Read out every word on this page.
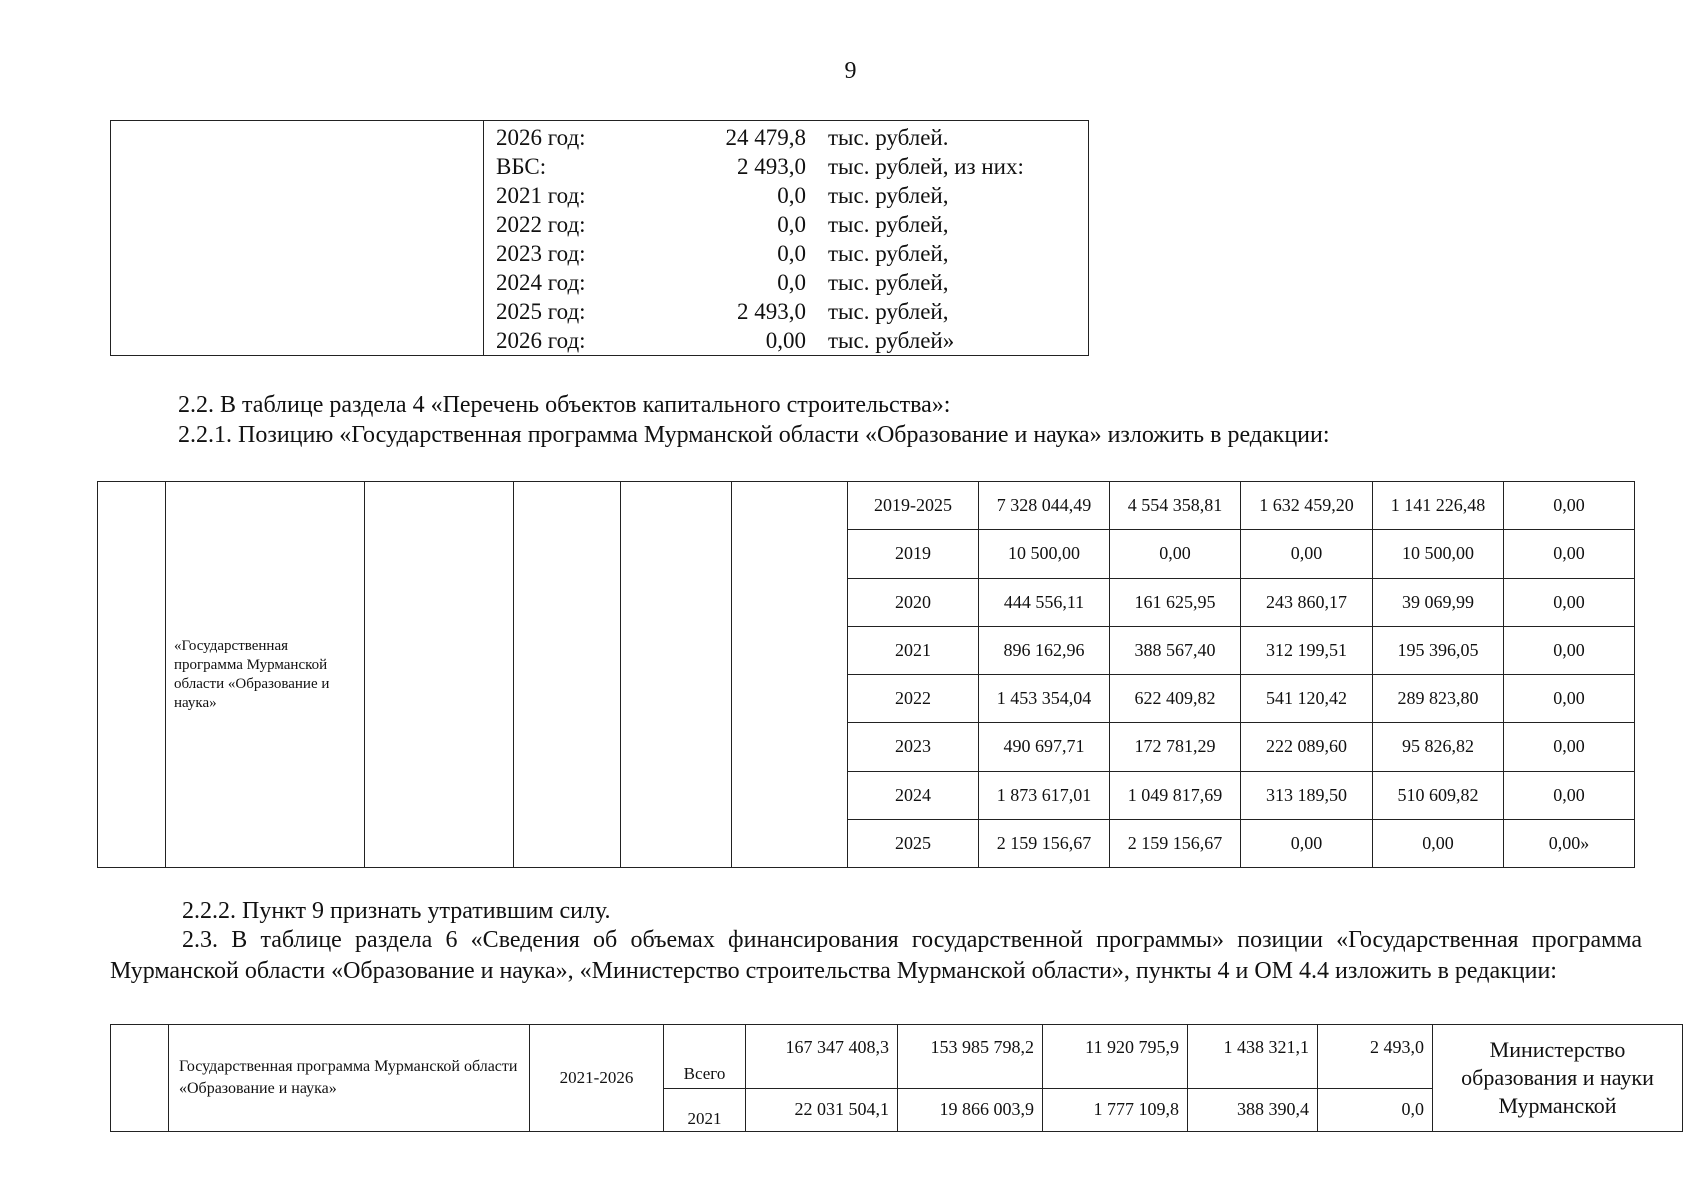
9

2026 год:	24 479,8 тыс. рублей.
ВБС:	2 493,0 тыс. рублей, из них:
2021 год:	0,0 тыс. рублей,
2022 год:	0,0 тыс. рублей,
2023 год:	0,0 тыс. рублей,
2024 год:	0,0 тыс. рублей,
2025 год:	2 493,0 тыс. рублей,
2026 год:	0,00 тыс. рублей»
2.2. В таблице раздела 4 «Перечень объектов капитального строительства»:
2.2.1. Позицию «Государственная программа Мурманской области «Образование и наука» изложить в редакции:
	«Государственная программа Мурманской области «Образование и наука»					2019-2025	7 328 044,49	4 554 358,81	1 632 459,20	1 141 226,48	0,00
						2019	10 500,00	0,00	0,00	10 500,00	0,00
						2020	444 556,11	161 625,95	243 860,17	39 069,99	0,00
						2021	896 162,96	388 567,40	312 199,51	195 396,05	0,00
						2022	1 453 354,04	622 409,82	541 120,42	289 823,80	0,00
						2023	490 697,71	172 781,29	222 089,60	95 826,82	0,00
						2024	1 873 617,01	1 049 817,69	313 189,50	510 609,82	0,00
						2025	2 159 156,67	2 159 156,67	0,00	0,00	0,00»
2.2.2. Пункт 9 признать утратившим силу.
2.3. В таблице раздела 6 «Сведения об объемах финансирования государственной программы» позиции «Государственная программа Мурманской области «Образование и наука», «Министерство строительства Мурманской области», пункты 4 и ОМ 4.4 изложить в редакции:
	Государственная программа Мурманской области «Образование и наука»	2021-2026	Всего	167 347 408,3	153 985 798,2	11 920 795,9	1 438 321,1	2 493,0	Министерство образования и науки Мурманской
			2021	22 031 504,1	19 866 003,9	1 777 109,8	388 390,4	0,0	
